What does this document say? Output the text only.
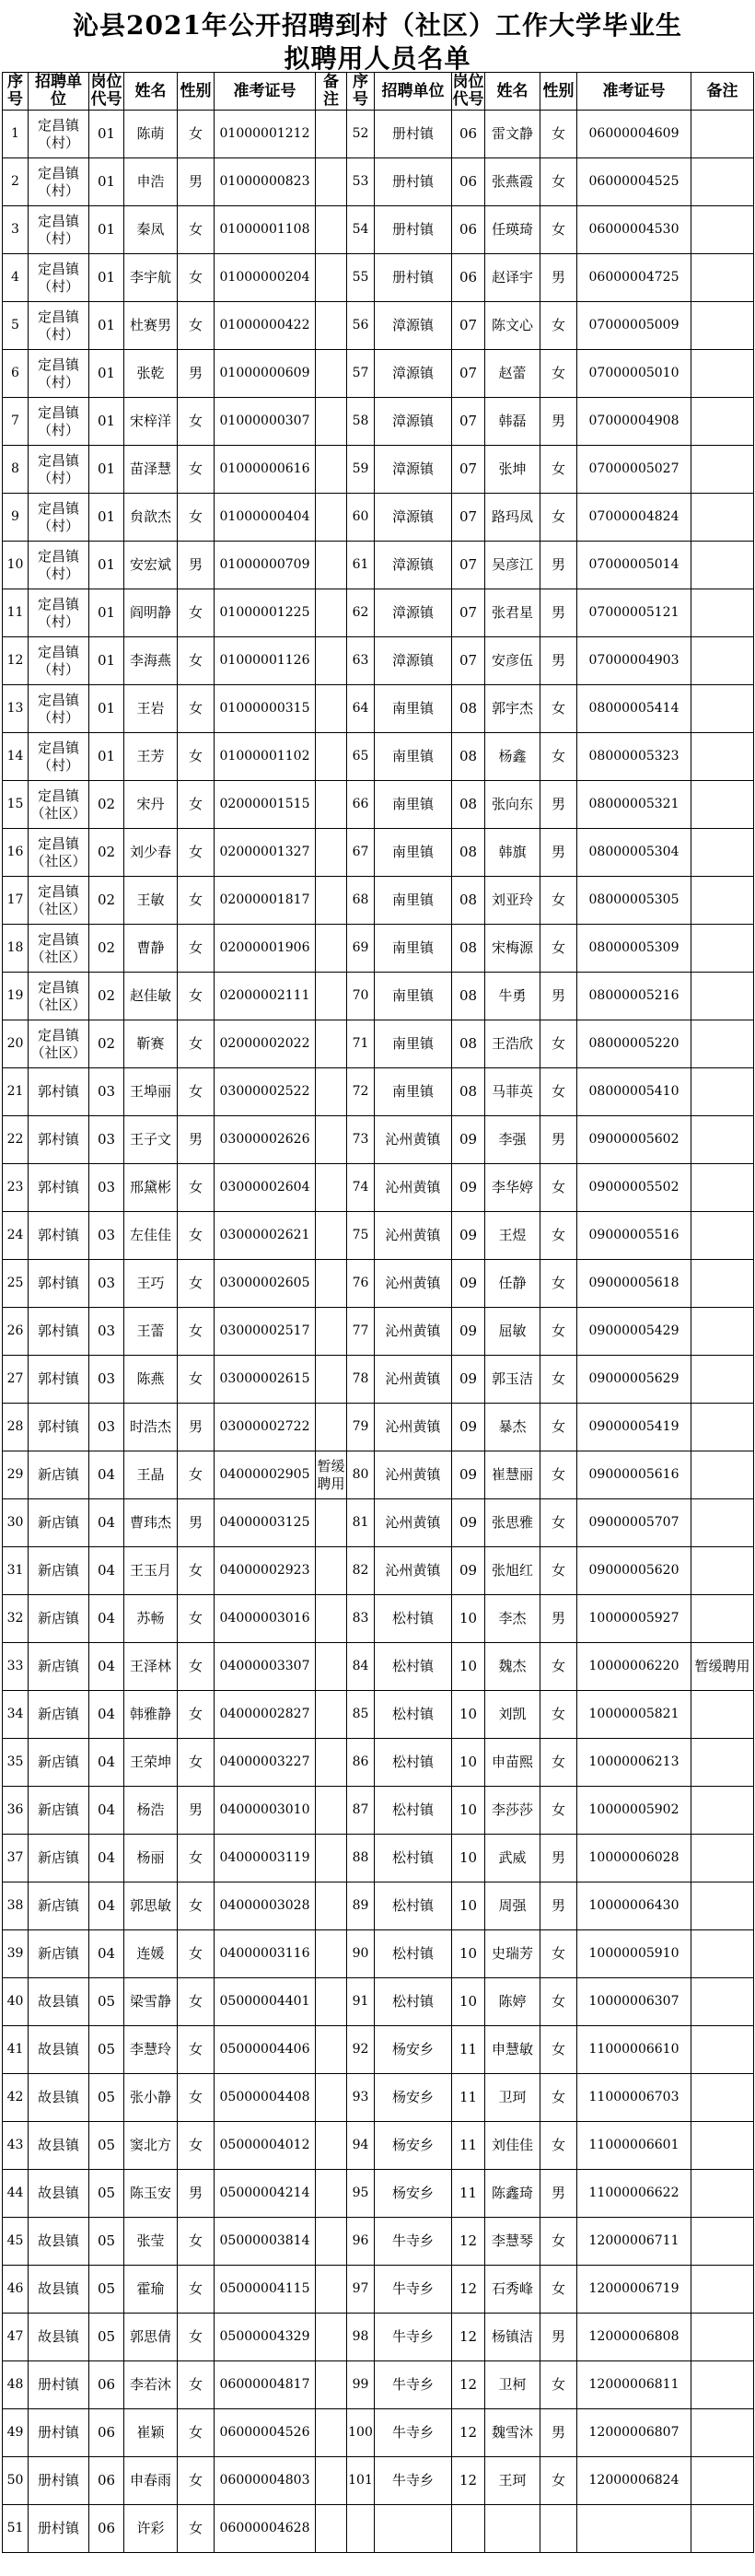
沁县2021年公开招聘到村（社区）工作大学毕业生
拟聘用人员名单
序号	招聘单位	岗位代号	姓名	性别	准考证号	备注	序号	招聘单位	岗位代号	姓名	性别	准考证号	备注
1	定昌镇（村）	01	陈萌	女	01000001212		52	册村镇	06	雷文静	女	06000004609	
2	定昌镇（村）	01	申浩	男	01000000823		53	册村镇	06	张燕霞	女	06000004525	
3	定昌镇（村）	01	秦凤	女	01000001108		54	册村镇	06	任瑛琦	女	06000004530	
4	定昌镇（村）	01	李宇航	女	01000000204		55	册村镇	06	赵译宇	男	06000004725	
5	定昌镇（村）	01	杜赛男	女	01000000422		56	漳源镇	07	陈文心	女	07000005009	
6	定昌镇（村）	01	张乾	男	01000000609		57	漳源镇	07	赵蕾	女	07000005010	
7	定昌镇（村）	01	宋梓洋	女	01000000307		58	漳源镇	07	韩磊	男	07000004908	
8	定昌镇（村）	01	苗泽慧	女	01000000616		59	漳源镇	07	张坤	女	07000005027	
9	定昌镇（村）	01	贠歆杰	女	01000000404		60	漳源镇	07	路玛凤	女	07000004824	
10	定昌镇（村）	01	安宏斌	男	01000000709		61	漳源镇	07	吴彦江	男	07000005014	
11	定昌镇（村）	01	阎明静	女	01000001225		62	漳源镇	07	张君星	男	07000005121	
12	定昌镇（村）	01	李海燕	女	01000001126		63	漳源镇	07	安彦伍	男	07000004903	
13	定昌镇（村）	01	王岩	女	01000000315		64	南里镇	08	郭宇杰	女	08000005414	
14	定昌镇（村）	01	王芳	女	01000001102		65	南里镇	08	杨鑫	女	08000005323	
15	定昌镇（社区）	02	宋丹	女	02000001515		66	南里镇	08	张向东	男	08000005321	
16	定昌镇（社区）	02	刘少春	女	02000001327		67	南里镇	08	韩旗	男	08000005304	
17	定昌镇（社区）	02	王敏	女	02000001817		68	南里镇	08	刘亚玲	女	08000005305	
18	定昌镇（社区）	02	曹静	女	02000001906		69	南里镇	08	宋梅源	女	08000005309	
19	定昌镇（社区）	02	赵佳敏	女	02000002111		70	南里镇	08	牛勇	男	08000005216	
20	定昌镇（社区）	02	靳赛	女	02000002022		71	南里镇	08	王浩欣	女	08000005220	
21	郭村镇	03	王埠丽	女	03000002522		72	南里镇	08	马菲英	女	08000005410	
22	郭村镇	03	王子文	男	03000002626		73	沁州黄镇	09	李强	男	09000005602	
23	郭村镇	03	邢黛彬	女	03000002604		74	沁州黄镇	09	李华婷	女	09000005502	
24	郭村镇	03	左佳佳	女	03000002621		75	沁州黄镇	09	王煜	女	09000005516	
25	郭村镇	03	王巧	女	03000002605		76	沁州黄镇	09	任静	女	09000005618	
26	郭村镇	03	王蕾	女	03000002517		77	沁州黄镇	09	屈敏	女	09000005429	
27	郭村镇	03	陈燕	女	03000002615		78	沁州黄镇	09	郭玉洁	女	09000005629	
28	郭村镇	03	时浩杰	男	03000002722		79	沁州黄镇	09	暴杰	女	09000005419	
29	新店镇	04	王晶	女	04000002905	暂缓聘用	80	沁州黄镇	09	崔慧丽	女	09000005616	
30	新店镇	04	曹玮杰	男	04000003125		81	沁州黄镇	09	张思雅	女	09000005707	
31	新店镇	04	王玉月	女	04000002923		82	沁州黄镇	09	张旭红	女	09000005620	
32	新店镇	04	苏畅	女	04000003016		83	松村镇	10	李杰	男	10000005927	
33	新店镇	04	王泽林	女	04000003307		84	松村镇	10	魏杰	女	10000006220	暂缓聘用
34	新店镇	04	韩雅静	女	04000002827		85	松村镇	10	刘凯	女	10000005821	
35	新店镇	04	王荣坤	女	04000003227		86	松村镇	10	申苗熙	女	10000006213	
36	新店镇	04	杨浩	男	04000003010		87	松村镇	10	李莎莎	女	10000005902	
37	新店镇	04	杨丽	女	04000003119		88	松村镇	10	武威	男	10000006028	
38	新店镇	04	郭思敏	女	04000003028		89	松村镇	10	周强	男	10000006430	
39	新店镇	04	连媛	女	04000003116		90	松村镇	10	史瑞芳	女	10000005910	
40	故县镇	05	梁雪静	女	05000004401		91	松村镇	10	陈婷	女	10000006307	
41	故县镇	05	李慧玲	女	05000004406		92	杨安乡	11	申慧敏	女	11000006610	
42	故县镇	05	张小静	女	05000004408		93	杨安乡	11	卫珂	女	11000006703	
43	故县镇	05	窦北方	女	05000004012		94	杨安乡	11	刘佳佳	女	11000006601	
44	故县镇	05	陈玉安	男	05000004214		95	杨安乡	11	陈鑫琦	男	11000006622	
45	故县镇	05	张莹	女	05000003814		96	牛寺乡	12	李慧琴	女	12000006711	
46	故县镇	05	霍瑜	女	05000004115		97	牛寺乡	12	石秀峰	女	12000006719	
47	故县镇	05	郭思倩	女	05000004329		98	牛寺乡	12	杨镇洁	男	12000006808	
48	册村镇	06	李若沐	女	06000004817		99	牛寺乡	12	卫柯	女	12000006811	
49	册村镇	06	崔颖	女	06000004526		100	牛寺乡	12	魏雪沐	男	12000006807	
50	册村镇	06	申春雨	女	06000004803		101	牛寺乡	12	王珂	女	12000006824	
51	册村镇	06	许彩	女	06000004628								
